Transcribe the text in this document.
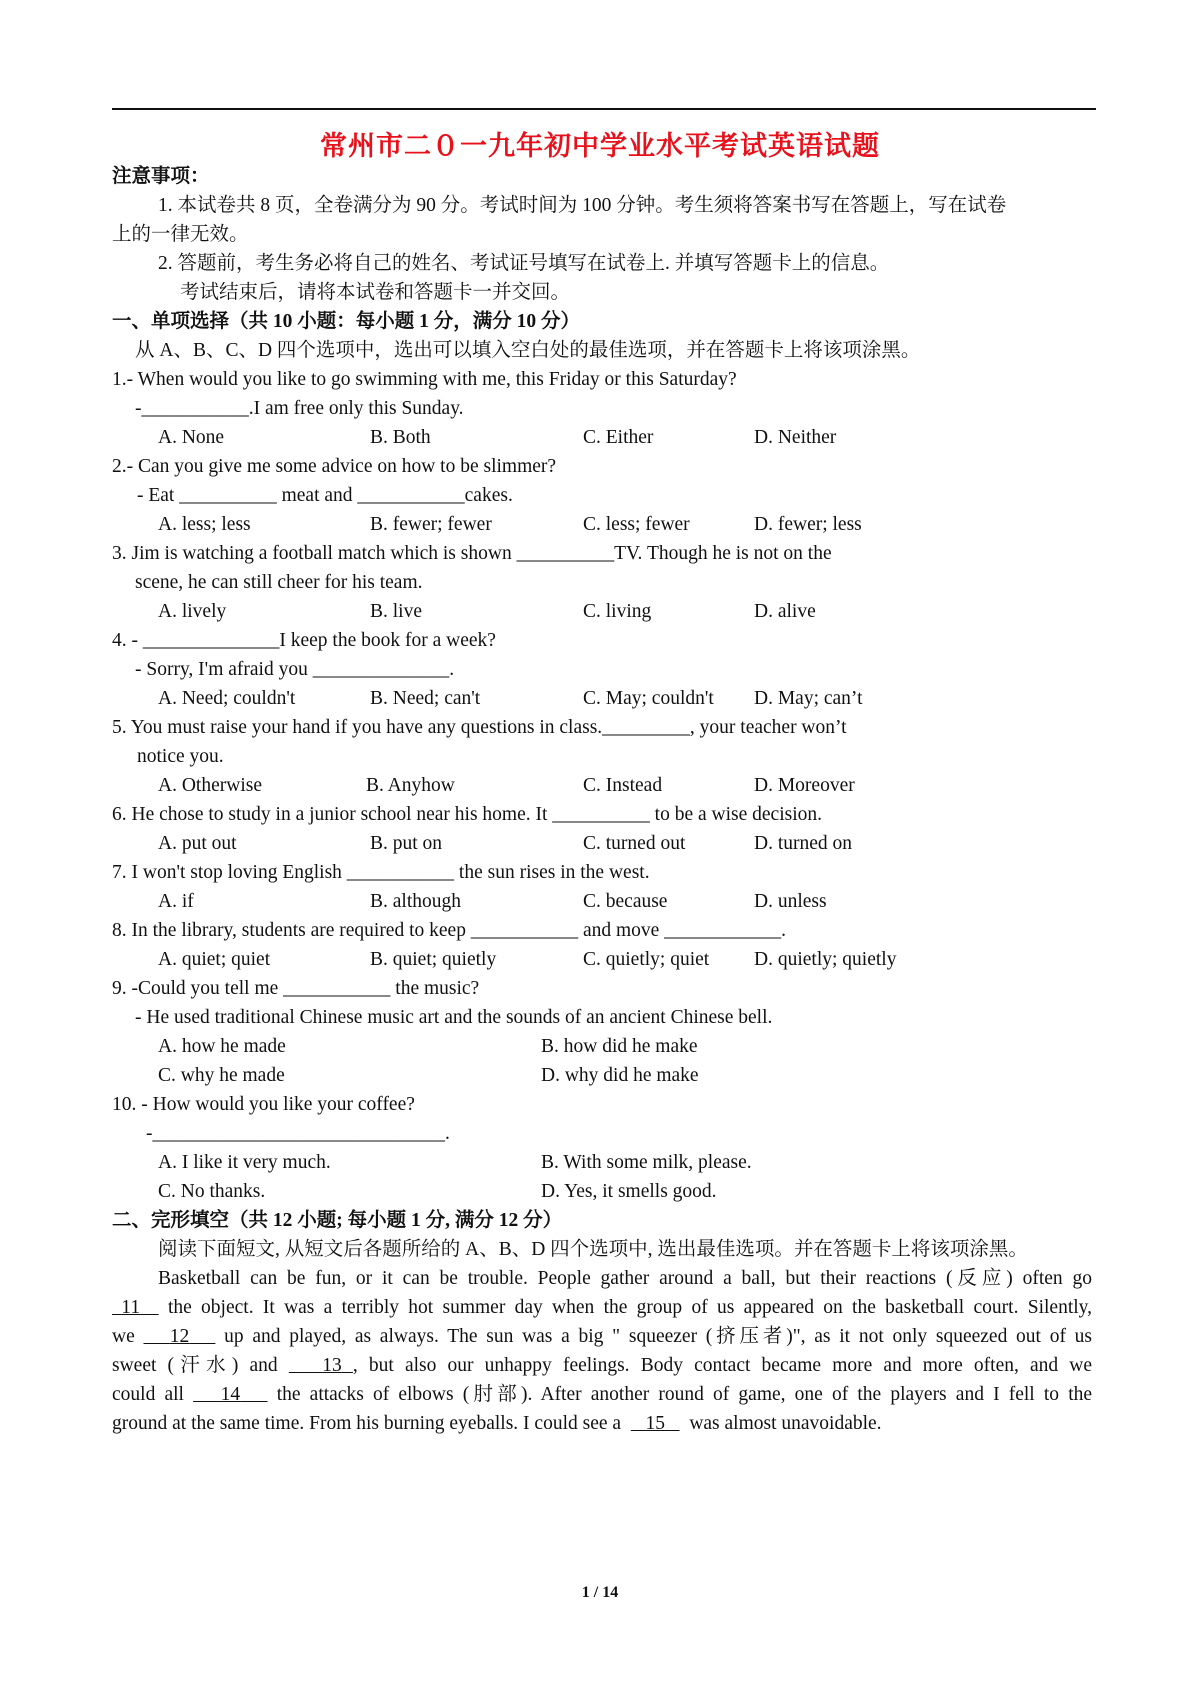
常州市二０一九年初中学业水平考试英语试题
注意事项：
1. 本试卷共 8 页，全卷满分为 90 分。考试时间为 100 分钟。考生须将答案书写在答题上，写在试卷
上的一律无效。
2. 答题前，考生务必将自己的姓名、考试证号填写在试卷上. 并填写答题卡上的信息。
考试结束后，请将本试卷和答题卡一并交回。
一、单项选择（共 10 小题：每小题 1 分，满分 10 分）
从 A、B、C、D 四个选项中，选出可以填入空白处的最佳选项，并在答题卡上将该项涂黑。
1.- When would you like to go swimming with me, this Friday or this Saturday?
-___________.I am free only this Sunday.
A. None	B. Both	C. Either	D. Neither
2.- Can you give me some advice on how to be slimmer?
- Eat __________ meat and ___________cakes.
A. less; less	B. fewer; fewer	C. less; fewer	D. fewer; less
3. Jim is watching a football match which is shown __________TV. Though he is not on the
scene, he can still cheer for his team.
A. lively	B. live	C. living	D. alive
4. - ______________I keep the book for a week?
- Sorry, I'm afraid you ______________.
A. Need; couldn't	B. Need; can't	C. May; couldn't D. May; can’t
5. You must raise your hand if you have any questions in class._________, your teacher won’t
notice you.
A. Otherwise	B. Anyhow	C. Instead	D. Moreover
6. He chose to study in a junior school near his home. It __________ to be a wise decision.
A. put out	B. put on	C. turned out	D. turned on
7. I won't stop loving English ___________ the sun rises in the west.
A. if	B. although	C. because	D. unless
8. In the library, students are required to keep ___________ and move ____________.
A. quiet; quiet	B. quiet; quietly	C. quietly; quiet D. quietly; quietly
9. -Could you tell me ___________ the music?
- He used traditional Chinese music art and the sounds of an ancient Chinese bell.
A. how he made	B. how did he make
C. why he made	D. why did he make
10. - How would you like your coffee?
-______________________________.
A. I like it very much.	B. With some milk, please.
C. No thanks.	D. Yes, it smells good.
二、完形填空（共 12 小题; 每小题 1 分, 满分 12 分）
阅读下面短文, 从短文后各题所给的 A、B、D 四个选项中, 选出最佳选项。并在答题卡上将该项涂黑。
Basketball can be fun, or it can be trouble. People gather around a ball, but their reactions (反应) often go
11 the object. It was a terribly hot summer day when the group of us appeared on the basketball court. Silently,
we 12 up and played, as always. The sun was a big " squeezer (挤压者)", as it not only squeezed out of us
sweet (汗水) and 13 , but also our unhappy feelings. Body contact became more and more often, and we
could all 14 the attacks of elbows (肘部). After another round of game, one of the players and I fell to the
ground at the same time. From his burning eyeballs. I could see a 15 was almost unavoidable.
1 / 14
